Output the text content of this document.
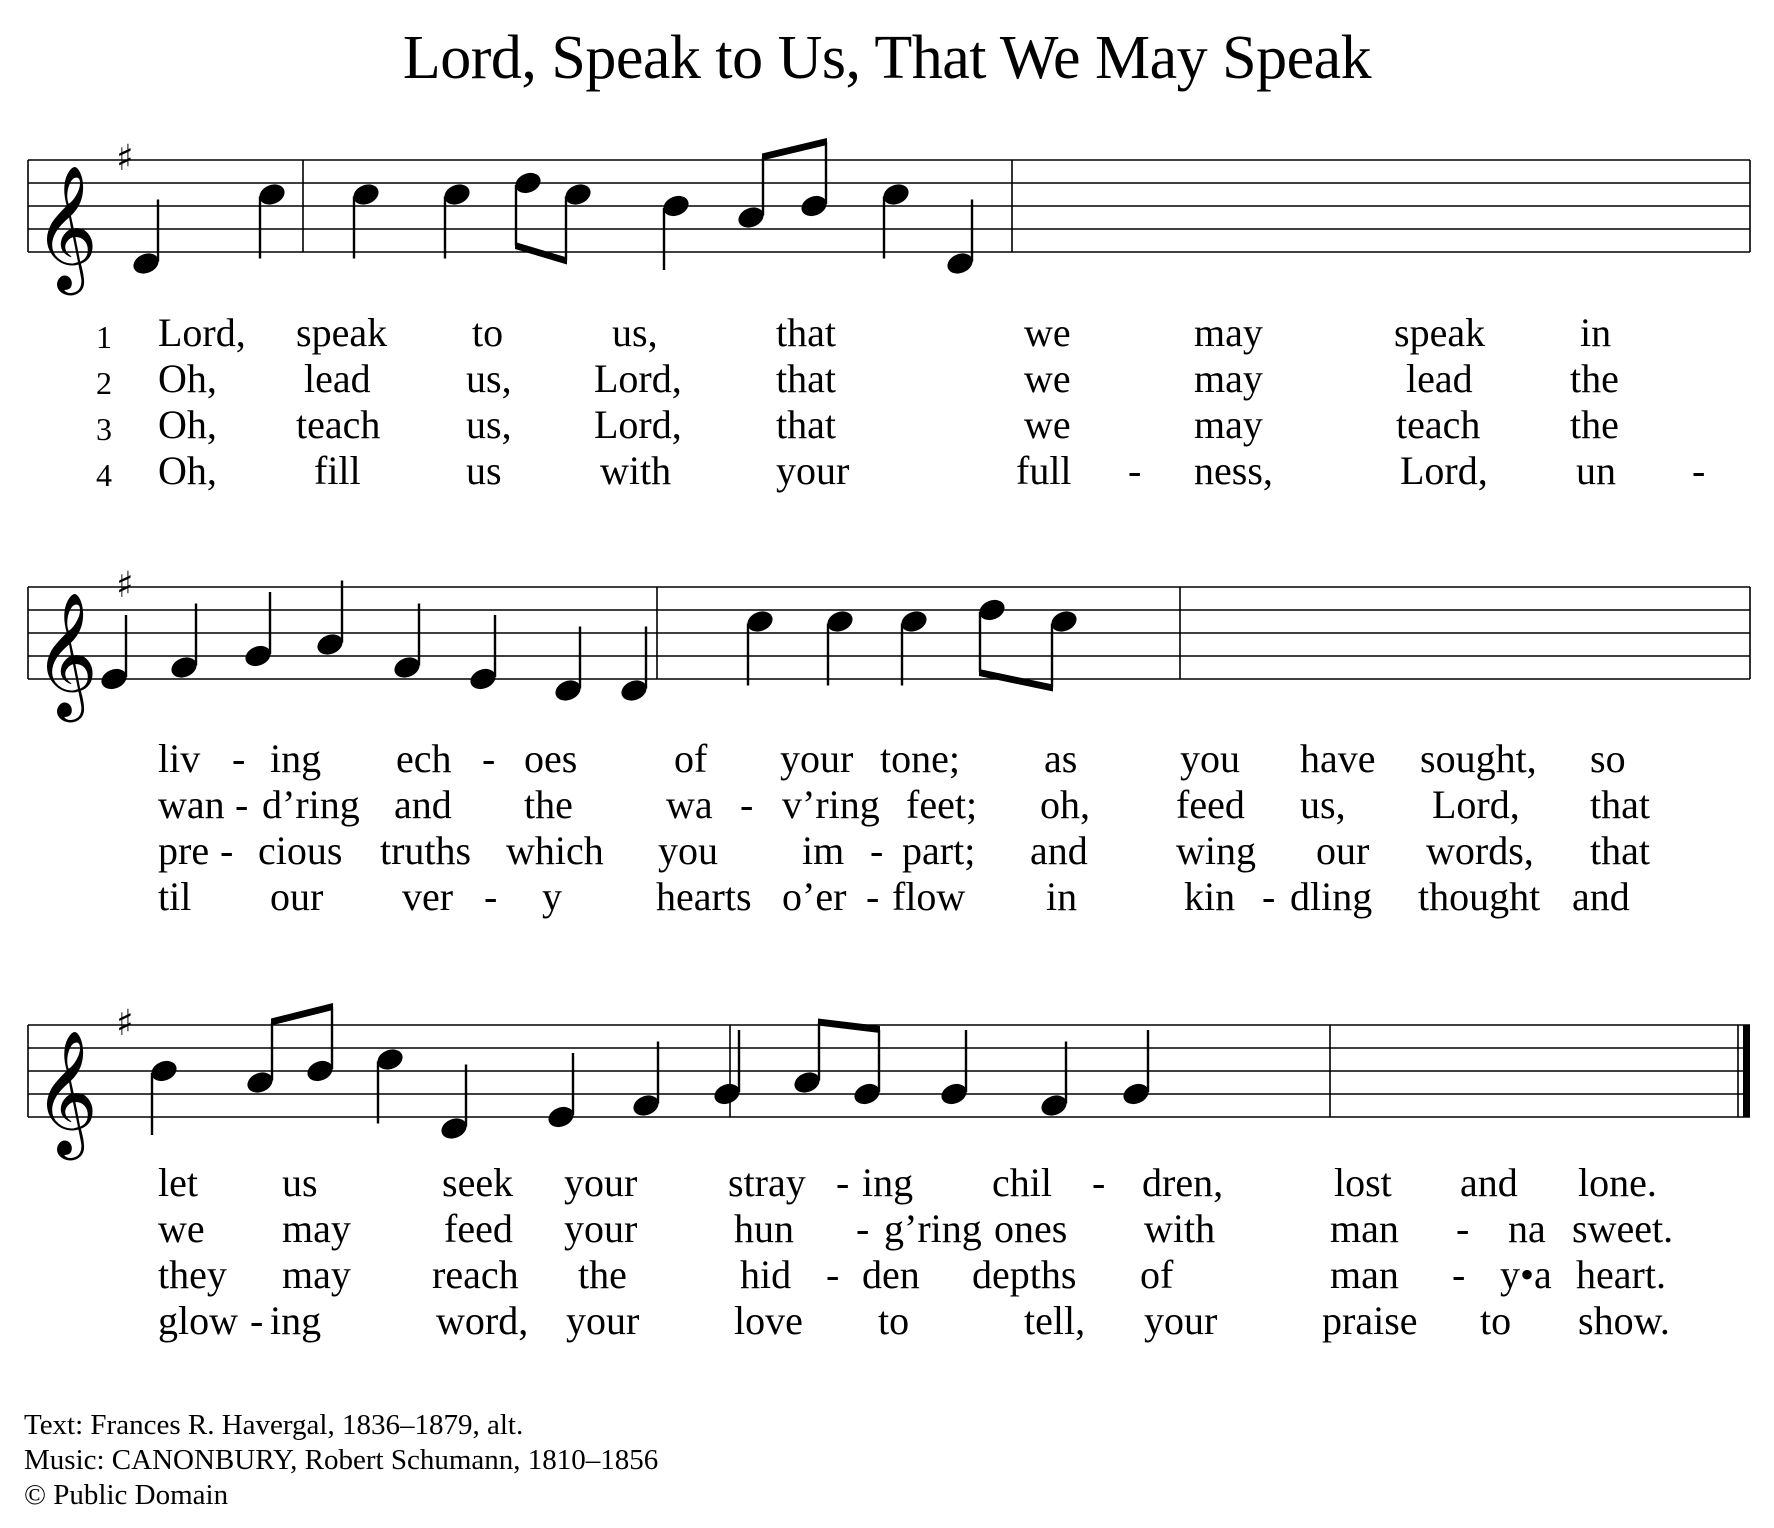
Lord, Speak to Us, That We May Speak
𝄞
♯
1 Lord, speak to	us,	that	we	may	speak in
2 Oh, lead us, Lord, that	we	may	lead the
3 Oh, teach us, Lord, that	we	may	teach the
4 Oh, fill	us with	your	full - ness,	Lord, un -
𝄞
♯
liv - ing ech - oes of your tone; as	you have sought, so
wan - d’ring and the wa - v’ring feet; oh, feed us, Lord, that
pre - cious truths which you im - part; and wing our words, that
til our ver - y hearts o’er - flow in	kin - dling thought and
𝄞
♯
let us	seek your stray - ing chil - dren,	lost and lone.
we may feed your hun - g’ring ones with	man - na sweet.
they may reach the	hid - den depths of	man - y•a heart.
glow - ing	word, your love to	tell, your	praise to show.
Text: Frances R. Havergal, 1836–1879, alt.
Music: CANONBURY, Robert Schumann, 1810–1856
© Public Domain
